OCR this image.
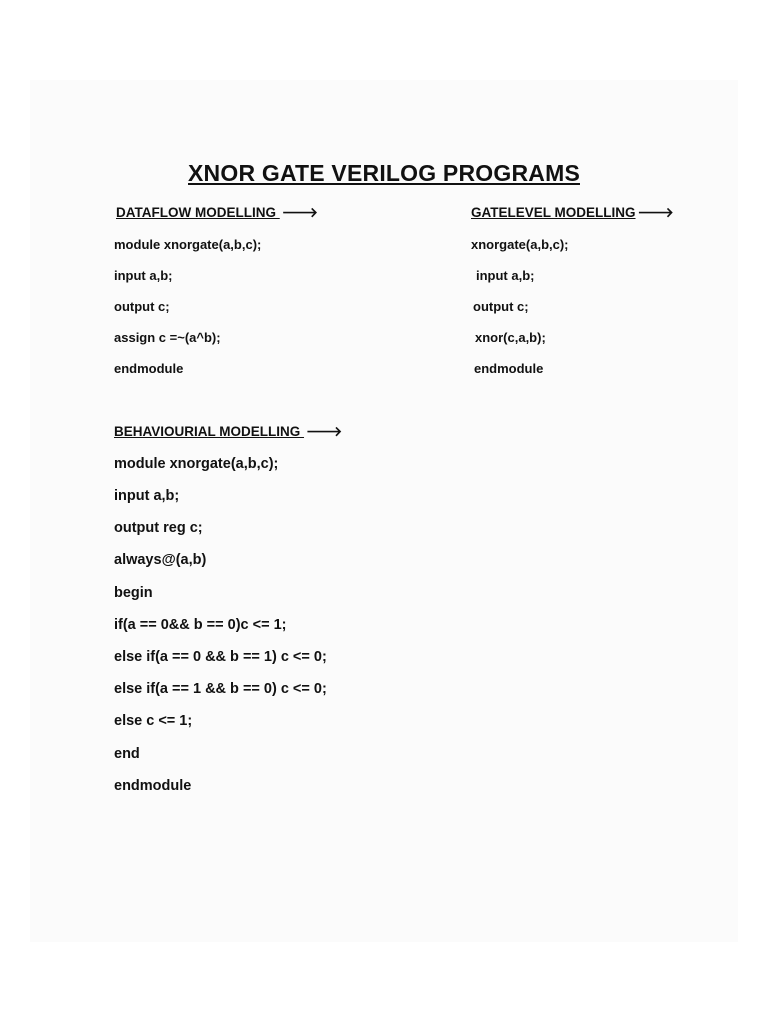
XNOR GATE VERILOG PROGRAMS
DATAFLOW MODELLING 🡒
module xnorgate(a,b,c);
input a,b;
output c;
assign c =~(a^b);
endmodule
GATELEVEL MODELLING 🡒
xnorgate(a,b,c);
input a,b;
output c;
xnor(c,a,b);
endmodule
BEHAVIOURIAL MODELLING 🡒
module xnorgate(a,b,c);
input a,b;
output reg c;
always@(a,b)
begin
if(a == 0&& b == 0)c <= 1;
else if(a == 0 && b == 1) c <= 0;
else if(a == 1 && b == 0) c <= 0;
else c <= 1;
end
endmodule
